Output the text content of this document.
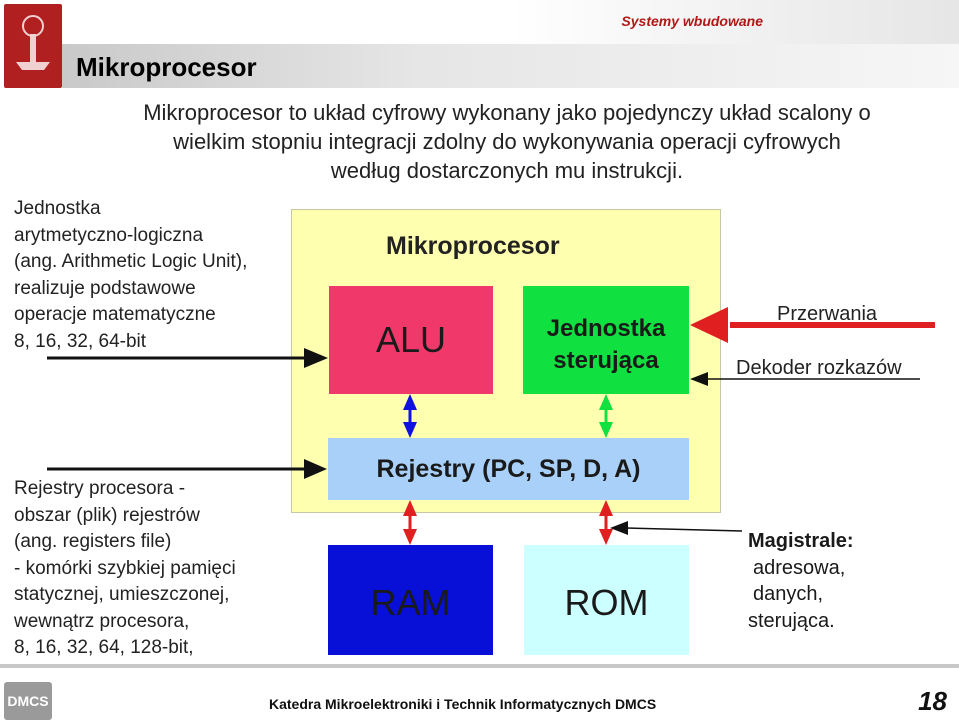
Mikroprocesor
Systemy wbudowane
Mikroprocesor to układ cyfrowy wykonany jako pojedynczy układ scalony o
wielkim stopniu integracji zdolny do wykonywania operacji cyfrowych
według dostarczonych mu instrukcji.
Jednostka
arytmetyczno-logiczna
(ang. Arithmetic Logic Unit),
realizuje podstawowe
operacje matematyczne
8, 16, 32, 64-bit
Rejestry procesora -
obszar (plik) rejestrów
(ang. registers file)
- komórki szybkiej pamięci
statycznej, umieszczonej,
wewnątrz procesora,
8, 16, 32, 64, 128-bit,
Mikroprocesor
ALU	Jednostka
sterująca
Rejestry (PC, SP, D, A)
RAM	ROM
Przerwania
Dekoder rozkazów
Magistrale:
adresowa,
danych,
sterująca.
DMCS	Katedra Mikroelektroniki i Technik Informatycznych DMCS	18
